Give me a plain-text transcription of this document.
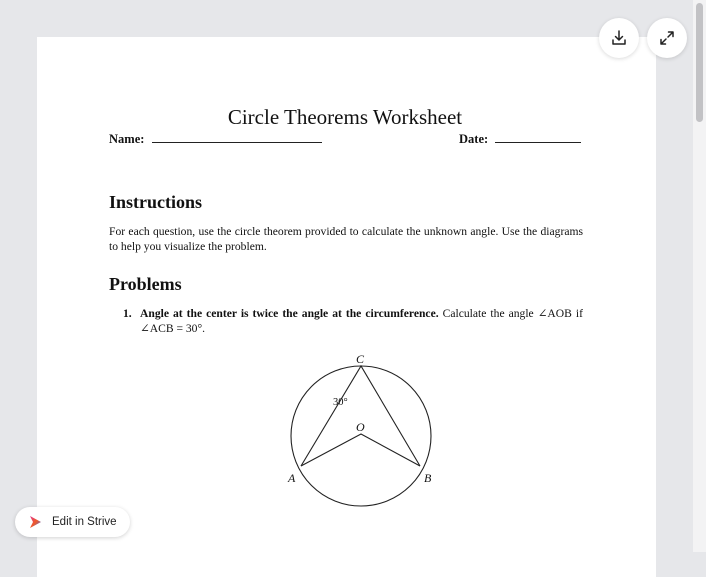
Circle Theorems Worksheet
Name:	Date:
Instructions
For each question, use the circle theorem provided to calculate the unknown angle. Use the diagrams to help you visualize the problem.
Problems
1. Angle at the center is twice the angle at the circumference. Calculate the angle ∠AOB if ∠ACB = 30°.
C
O
A	B
30°
Edit in Strive
